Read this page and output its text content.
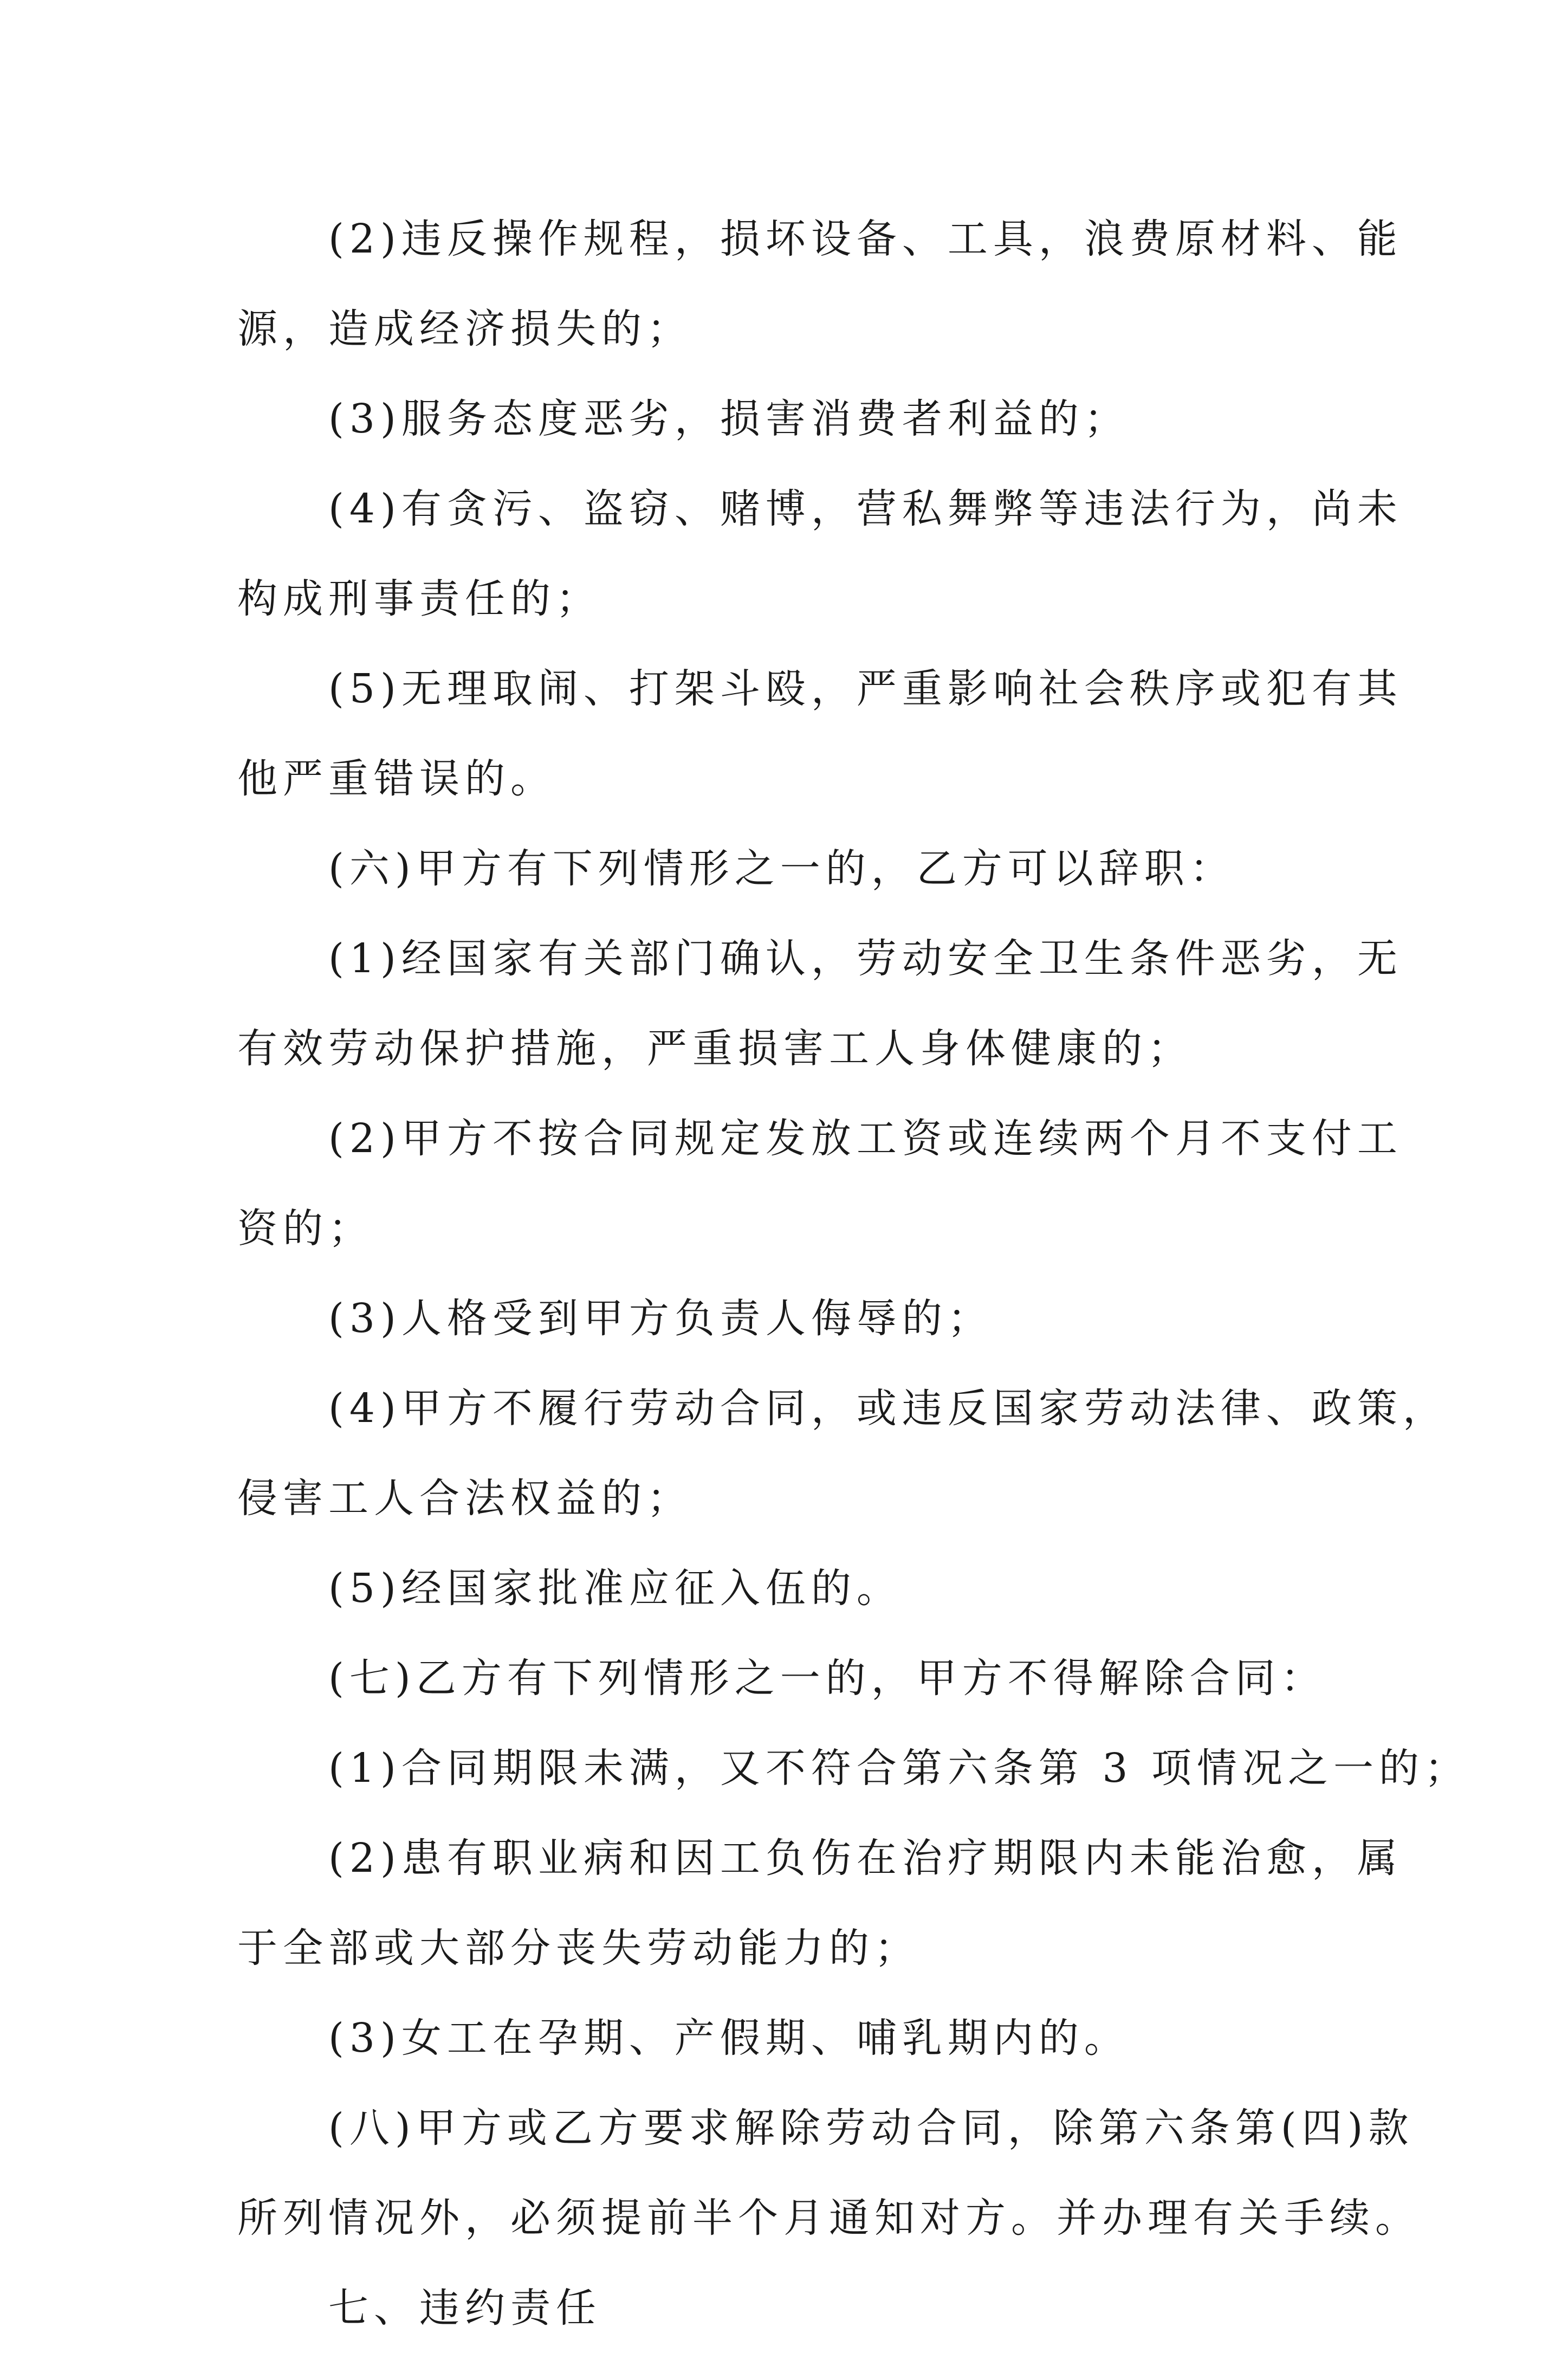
(2)违反操作规程，损坏设备、工具，浪费原材料、能
源，造成经济损失的；
(3)服务态度恶劣，损害消费者利益的；
(4)有贪污、盗窃、赌博，营私舞弊等违法行为，尚未
构成刑事责任的；
(5)无理取闹、打架斗殴，严重影响社会秩序或犯有其
他严重错误的。
(六)甲方有下列情形之一的，乙方可以辞职：
(1)经国家有关部门确认，劳动安全卫生条件恶劣，无
有效劳动保护措施，严重损害工人身体健康的；
(2)甲方不按合同规定发放工资或连续两个月不支付工
资的；
(3)人格受到甲方负责人侮辱的；
(4)甲方不履行劳动合同，或违反国家劳动法律、政策，
侵害工人合法权益的；
(5)经国家批准应征入伍的。
(七)乙方有下列情形之一的，甲方不得解除合同：
(1)合同期限未满，又不符合第六条第 3 项情况之一的；
(2)患有职业病和因工负伤在治疗期限内未能治愈，属
于全部或大部分丧失劳动能力的；
(3)女工在孕期、产假期、哺乳期内的。
(八)甲方或乙方要求解除劳动合同，除第六条第(四)款
所列情况外，必须提前半个月通知对方。并办理有关手续。
七、违约责任
